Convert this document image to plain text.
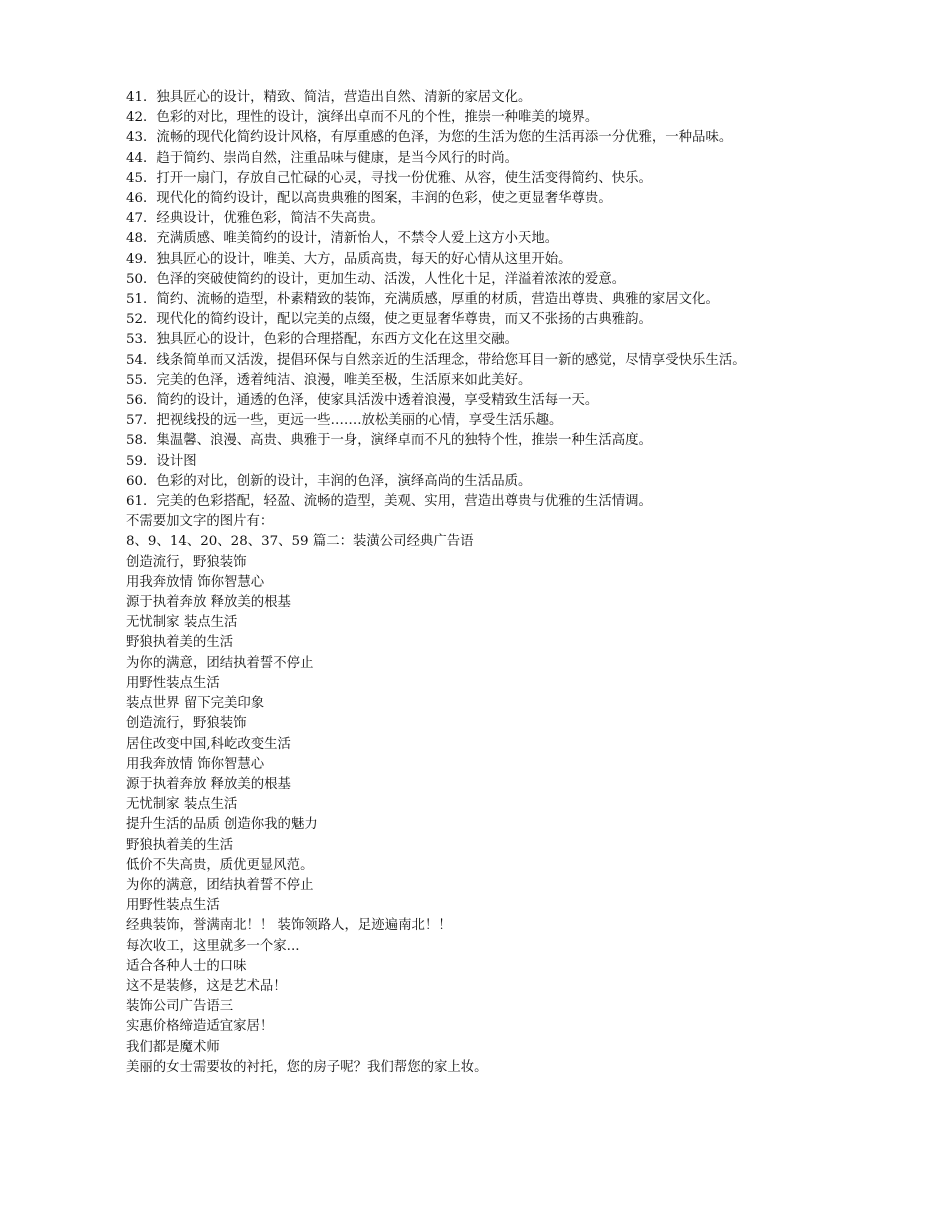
41．独具匠心的设计，精致、简洁，营造出自然、清新的家居文化。

42．色彩的对比，理性的设计，演绎出卓而不凡的个性，推崇一种唯美的境界。

43．流畅的现代化简约设计风格，有厚重感的色泽，为您的生活为您的生活再添一分优雅，一种品味。

44．趋于简约、崇尚自然，注重品味与健康，是当今风行的时尚。

45．打开一扇门，存放自己忙碌的心灵，寻找一份优雅、从容，使生活变得简约、快乐。

46．现代化的简约设计，配以高贵典雅的图案，丰润的色彩，使之更显奢华尊贵。

47．经典设计，优雅色彩，简洁不失高贵。

48．充满质感、唯美简约的设计，清新怡人，不禁令人爱上这方小天地。

49．独具匠心的设计，唯美、大方，品质高贵，每天的好心情从这里开始。

50．色泽的突破使简约的设计，更加生动、活泼，人性化十足，洋溢着浓浓的爱意。

51．简约、流畅的造型，朴素精致的装饰，充满质感，厚重的材质，营造出尊贵、典雅的家居文化。

52．现代化的简约设计，配以完美的点缀，使之更显奢华尊贵，而又不张扬的古典雅韵。

53．独具匠心的设计，色彩的合理搭配，东西方文化在这里交融。

54．线条简单而又活泼，提倡环保与自然亲近的生活理念，带给您耳目一新的感觉，尽情享受快乐生活。

55．完美的色泽，透着纯洁、浪漫，唯美至极，生活原来如此美好。

56．简约的设计，通透的色泽，使家具活泼中透着浪漫，享受精致生活每一天。

57．把视线投的远一些，更远一些…….放松美丽的心情，享受生活乐趣。

58．集温馨、浪漫、高贵、典雅于一身，演绎卓而不凡的独特个性，推崇一种生活高度。

59．设计图

60．色彩的对比，创新的设计，丰润的色泽，演绎高尚的生活品质。

61．完美的色彩搭配，轻盈、流畅的造型，美观、实用，营造出尊贵与优雅的生活情调。

不需要加文字的图片有：

8、9、14、20、28、37、59 篇二：装潢公司经典广告语

创造流行，野狼装饰

用我奔放情 饰你智慧心

源于执着奔放 释放美的根基

无忧制家 装点生活

野狼执着美的生活

为你的满意，团结执着誓不停止

用野性装点生活

装点世界 留下完美印象

创造流行，野狼装饰

居住改变中国,科屹改变生活

用我奔放情 饰你智慧心

源于执着奔放 释放美的根基

无忧制家 装点生活

提升生活的品质 创造你我的魅力

野狼执着美的生活

低价不失高贵，质优更显风范。

为你的满意，团结执着誓不停止

用野性装点生活

经典装饰，誉满南北！！ 装饰领路人，足迹遍南北！！

每次收工，这里就多一个家...

适合各种人士的口味

这不是装修，这是艺术品！

装饰公司广告语三

实惠价格缔造适宜家居！

我们都是魔术师

美丽的女士需要妆的衬托，您的房子呢？我们帮您的家上妆。
